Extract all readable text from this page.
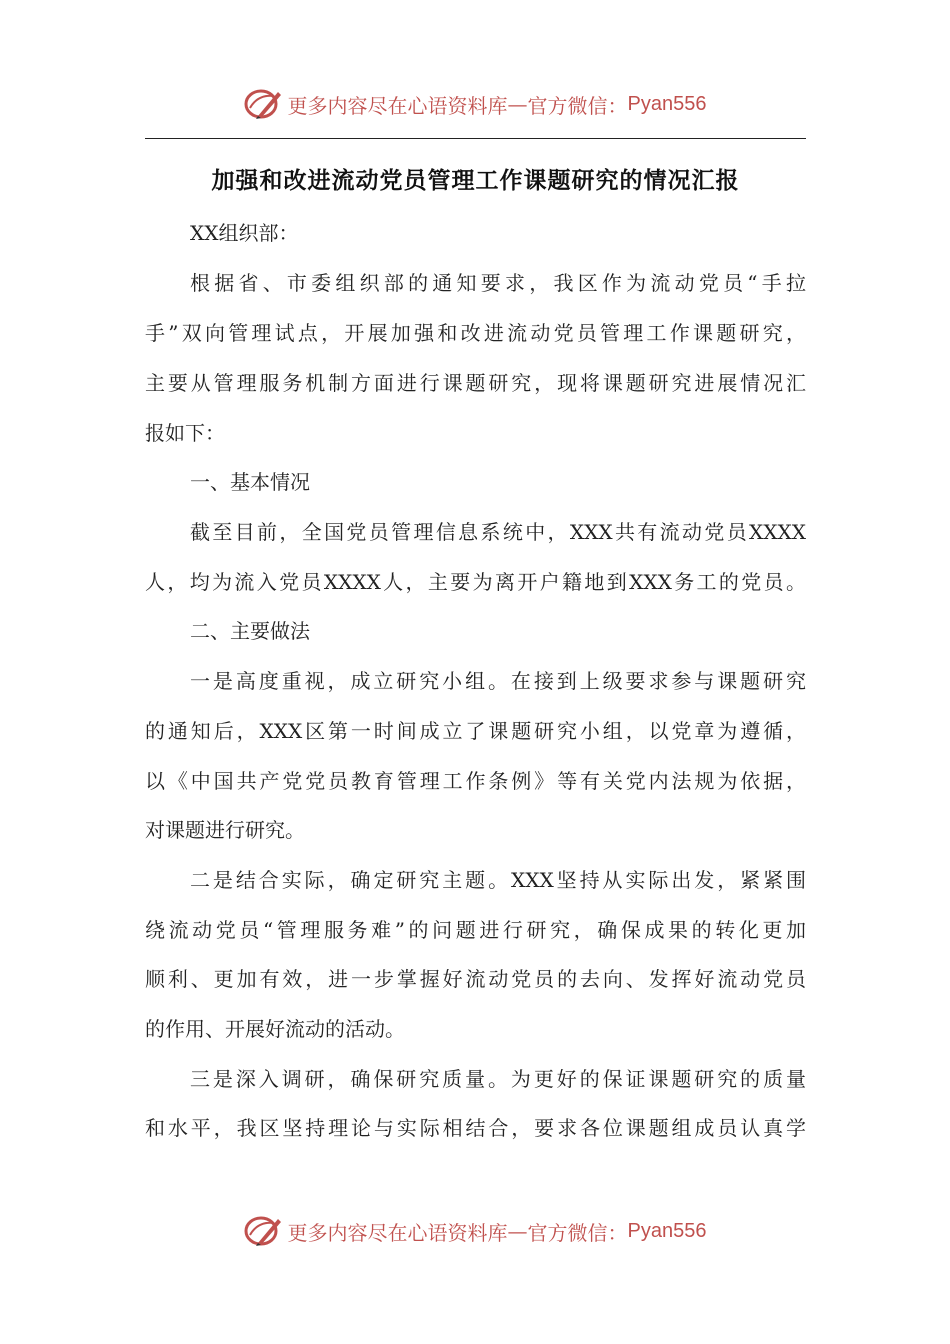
更多内容尽在心语资料库 — 官方微信： Pyan556
加强和改进流动党员管理工作课题研究的情况汇报
XX组织部：
根据省、市委组织部的通知要求，我区作为流动党员“手拉
手”双向管理试点，开展加强和改进流动党员管理工作课题研究，
主要从管理服务机制方面进行课题研究，现将课题研究进展情况汇
报如下：
一、基本情况
截至目前，全国党员管理信息系统中，XXX共有流动党员XXXX
人，均为流入党员XXXX人，主要为离开户籍地到XXX务工的党员。
二、主要做法
一是高度重视，成立研究小组。在接到上级要求参与课题研究
的通知后，XXX区第一时间成立了课题研究小组，以党章为遵循，
以《中国共产党党员教育管理工作条例》等有关党内法规为依据，
对课题进行研究。
二是结合实际，确定研究主题。XXX坚持从实际出发，紧紧围
绕流动党员“管理服务难”的问题进行研究，确保成果的转化更加
顺利、更加有效，进一步掌握好流动党员的去向、发挥好流动党员
的作用、开展好流动的活动。
三是深入调研，确保研究质量。为更好的保证课题研究的质量
和水平，我区坚持理论与实际相结合，要求各位课题组成员认真学
更多内容尽在心语资料库 — 官方微信： Pyan556
